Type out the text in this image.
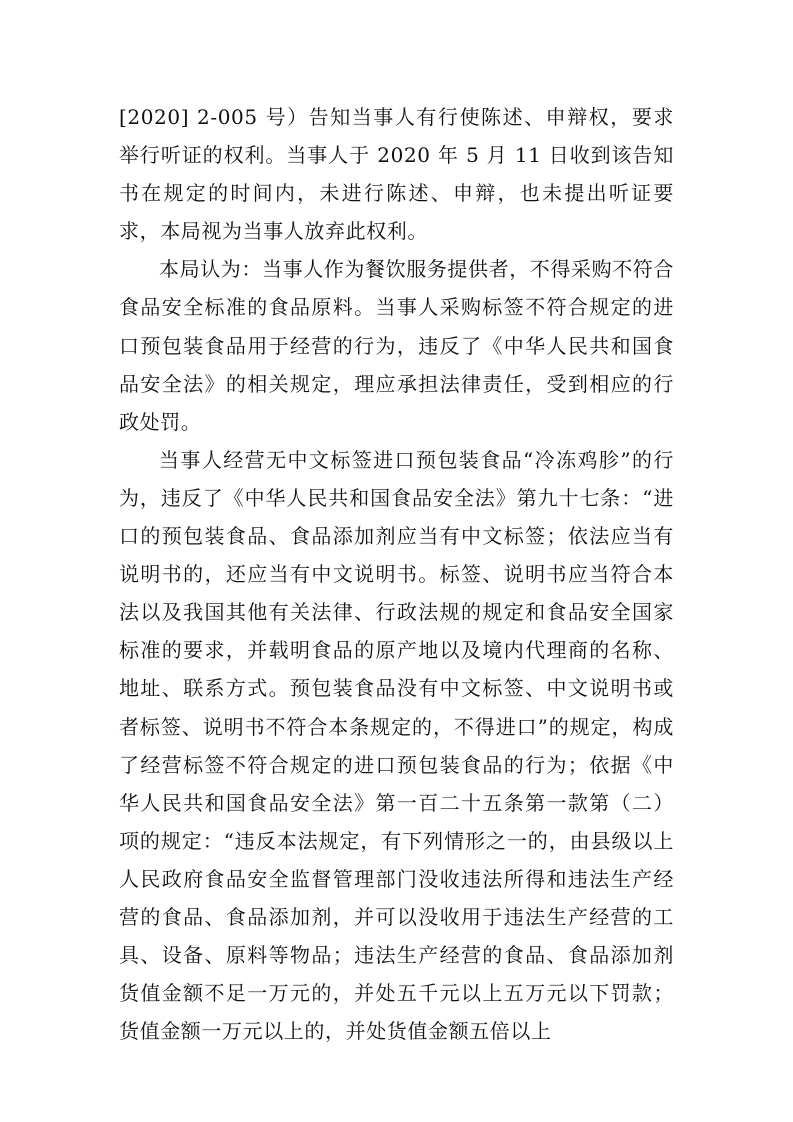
[2020] 2-005 号）告知当事人有行使陈述、申辩权，要求举行听证的权利。当事人于 2020 年 5 月 11 日收到该告知书在规定的时间内，未进行陈述、申辩，也未提出听证要求，本局视为当事人放弃此权利。

本局认为：当事人作为餐饮服务提供者，不得采购不符合食品安全标准的食品原料。当事人采购标签不符合规定的进口预包装食品用于经营的行为，违反了《中华人民共和国食品安全法》的相关规定，理应承担法律责任，受到相应的行政处罚。

当事人经营无中文标签进口预包装食品“冷冻鸡胗”的行为，违反了《中华人民共和国食品安全法》第九十七条：“进口的预包装食品、食品添加剂应当有中文标签；依法应当有说明书的，还应当有中文说明书。标签、说明书应当符合本法以及我国其他有关法律、行政法规的规定和食品安全国家标准的要求，并载明食品的原产地以及境内代理商的名称、地址、联系方式。预包装食品没有中文标签、中文说明书或者标签、说明书不符合本条规定的，不得进口”的规定，构成了经营标签不符合规定的进口预包装食品的行为；依据《中华人民共和国食品安全法》第一百二十五条第一款第（二）项的规定：“违反本法规定，有下列情形之一的，由县级以上人民政府食品安全监督管理部门没收违法所得和违法生产经营的食品、食品添加剂，并可以没收用于违法生产经营的工具、设备、原料等物品；违法生产经营的食品、食品添加剂货值金额不足一万元的，并处五千元以上五万元以下罚款；货值金额一万元以上的，并处货值金额五倍以上
